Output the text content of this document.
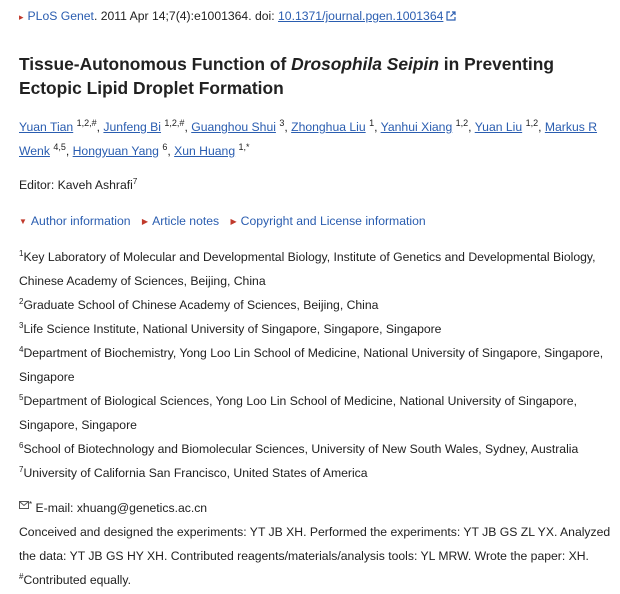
▸ PLoS Genet. 2011 Apr 14;7(4):e1001364. doi: 10.1371/journal.pgen.1001364
Tissue-Autonomous Function of Drosophila Seipin in Preventing Ectopic Lipid Droplet Formation
Yuan Tian $^{1,2,\#}$, Junfeng Bi $^{1,2,\#}$, Guanghou Shui $^3$, Zhonghua Liu $^1$, Yanhui Xiang $^{1,2}$, Yuan Liu $^{1,2}$, Markus R Wenk $^{4,5}$, Hongyuan Yang $^6$, Xun Huang $^{1,*}$
Editor: Kaveh Ashrafi$^7$
▼ Author information ▶ Article notes ▶ Copyright and License information
$^1$Key Laboratory of Molecular and Developmental Biology, Institute of Genetics and Developmental Biology, Chinese Academy of Sciences, Beijing, China
$^2$Graduate School of Chinese Academy of Sciences, Beijing, China
$^3$Life Science Institute, National University of Singapore, Singapore, Singapore
$^4$Department of Biochemistry, Yong Loo Lin School of Medicine, National University of Singapore, Singapore, Singapore
$^5$Department of Biological Sciences, Yong Loo Lin School of Medicine, National University of Singapore, Singapore, Singapore
$^6$School of Biotechnology and Biomolecular Sciences, University of New South Wales, Sydney, Australia
$^7$University of California San Francisco, United States of America
* E-mail: xhuang@genetics.ac.cn
Conceived and designed the experiments: YT JB XH. Performed the experiments: YT JB GS ZL YX. Analyzed the data: YT JB GS HY XH. Contributed reagents/materials/analysis tools: YL MRW. Wrote the paper: XH.
#Contributed equally.
